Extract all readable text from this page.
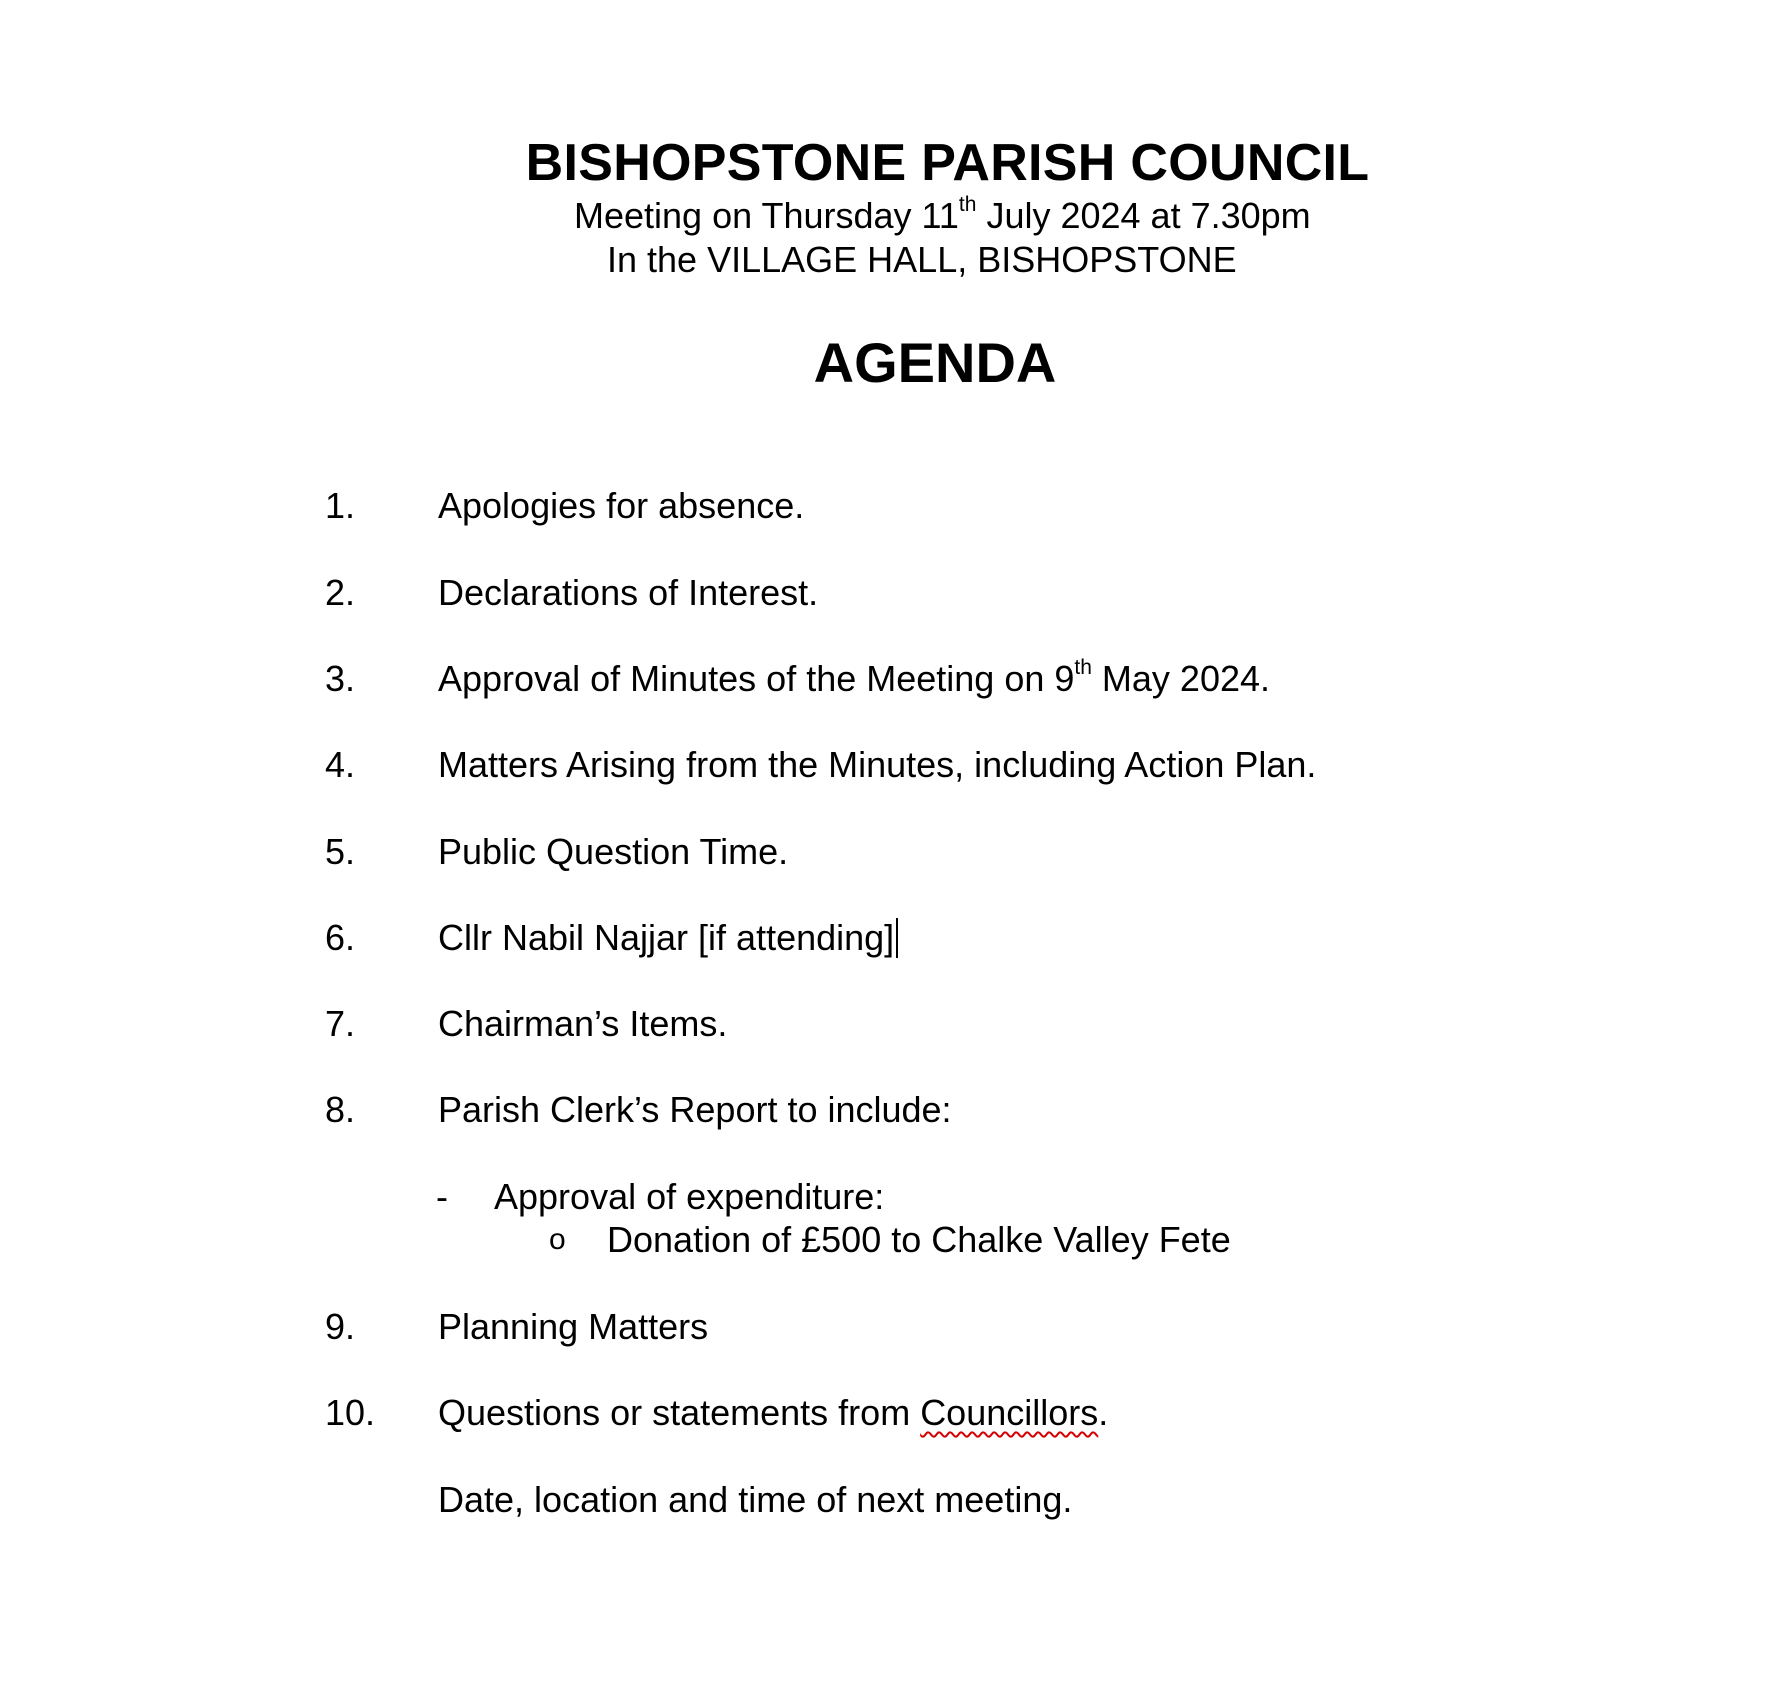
BISHOPSTONE PARISH COUNCIL
Meeting on Thursday 11th July 2024 at 7.30pm
In the VILLAGE HALL, BISHOPSTONE
AGENDA
1. Apologies for absence.
2. Declarations of Interest.
3. Approval of Minutes of the Meeting on 9th May 2024.
4. Matters Arising from the Minutes, including Action Plan.
5. Public Question Time.
6. Cllr Nabil Najjar [if attending]
7. Chairman’s Items.
8. Parish Clerk’s Report to include:
- Approval of expenditure:
o Donation of £500 to Chalke Valley Fete
9. Planning Matters
10. Questions or statements from Councillors.
Date, location and time of next meeting.
